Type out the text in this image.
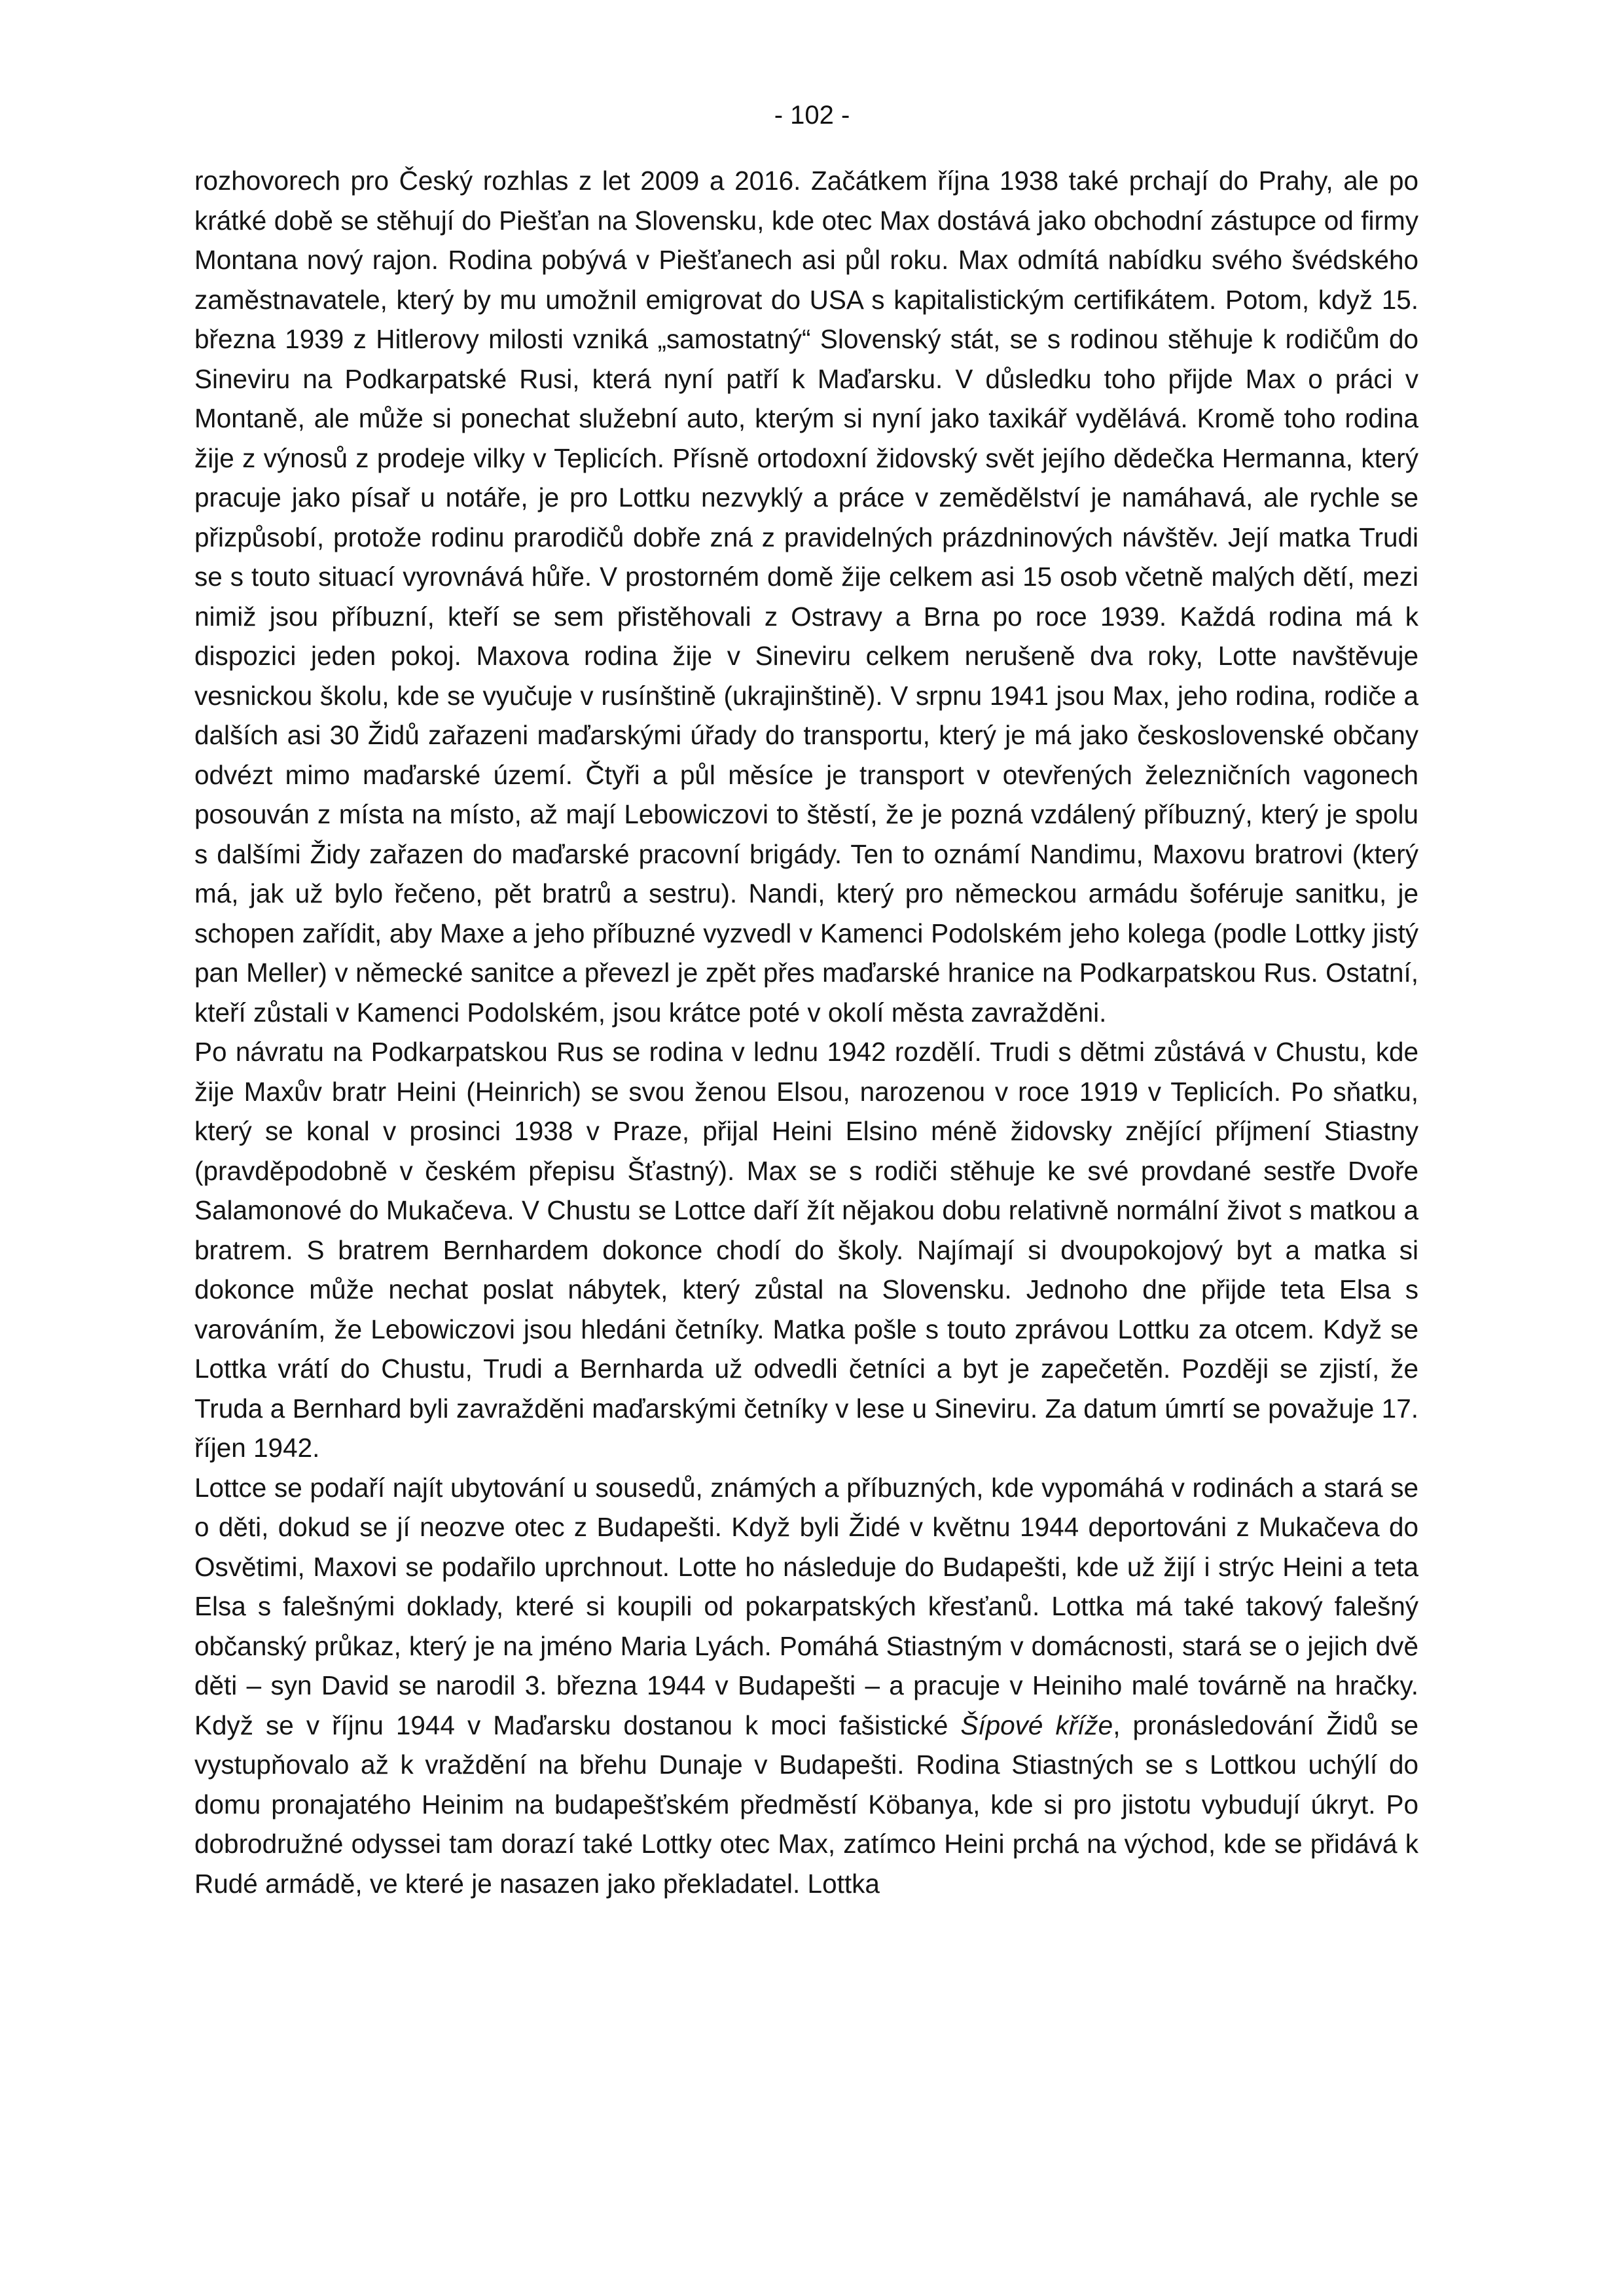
- 102 -

rozhovorech pro Český rozhlas z let 2009 a 2016. Začátkem října 1938 také prchají do Prahy, ale po krátké době se stěhují do Piešťan na Slovensku, kde otec Max dostává jako obchodní zástupce od firmy Montana nový rajon. Rodina pobývá v Piešťanech asi půl roku. Max odmítá nabídku svého švédského zaměstnavatele, který by mu umožnil emigrovat do USA s kapitalistickým certifikátem. Potom, když 15. března 1939 z Hitlerovy milosti vzniká „samostatný“ Slovenský stát, se s rodinou stěhuje k rodičům do Sineviru na Podkarpatské Rusi, která nyní patří k Maďarsku. V důsledku toho přijde Max o práci v Montaně, ale může si ponechat služební auto, kterým si nyní jako taxikář vydělává. Kromě toho rodina žije z výnosů z prodeje vilky v Teplicích. Přísně ortodoxní židovský svět jejího dědečka Hermanna, který pracuje jako písař u notáře, je pro Lottku nezvyklý a práce v zemědělství je namáhavá, ale rychle se přizpůsobí, protože rodinu prarodičů dobře zná z pravidelných prázdninových návštěv. Její matka Trudi se s touto situací vyrovnává hůře. V prostorném domě žije celkem asi 15 osob včetně malých dětí, mezi nimiž jsou příbuzní, kteří se sem přistěhovali z Ostravy a Brna po roce 1939. Každá rodina má k dispozici jeden pokoj. Maxova rodina žije v Sineviru celkem nerušeně dva roky, Lotte navštěvuje vesnickou školu, kde se vyučuje v rusínštině (ukrajinštině). V srpnu 1941 jsou Max, jeho rodina, rodiče a dalších asi 30 Židů zařazeni maďarskými úřady do transportu, který je má jako československé občany odvézt mimo maďarské území. Čtyři a půl měsíce je transport v otevřených železničních vagonech posouván z místa na místo, až mají Lebowiczovi to štěstí, že je pozná vzdálený příbuzný, který je spolu s dalšími Židy zařazen do maďarské pracovní brigády. Ten to oznámí Nandimu, Maxovu bratrovi (který má, jak už bylo řečeno, pět bratrů a sestru). Nandi, který pro německou armádu šoféruje sanitku, je schopen zařídit, aby Maxe a jeho příbuzné vyzvedl v Kamenci Podolském jeho kolega (podle Lottky jistý pan Meller) v německé sanitce a převezl je zpět přes maďarské hranice na Podkarpatskou Rus. Ostatní, kteří zůstali v Kamenci Podolském, jsou krátce poté v okolí města zavražděni.

Po návratu na Podkarpatskou Rus se rodina v lednu 1942 rozdělí. Trudi s dětmi zůstává v Chustu, kde žije Maxův bratr Heini (Heinrich) se svou ženou Elsou, narozenou v roce 1919 v Teplicích. Po sňatku, který se konal v prosinci 1938 v Praze, přijal Heini Elsino méně židovsky znějící příjmení Stiastny (pravděpodobně v českém přepisu Šťastný). Max se s rodiči stěhuje ke své provdané sestře Dvoře Salamonové do Mukačeva. V Chustu se Lottce daří žít nějakou dobu relativně normální život s matkou a bratrem. S bratrem Bernhardem dokonce chodí do školy. Najímají si dvoupokojový byt a matka si dokonce může nechat poslat nábytek, který zůstal na Slovensku. Jednoho dne přijde teta Elsa s varováním, že Lebowiczovi jsou hledáni četníky. Matka pošle s touto zprávou Lottku za otcem. Když se Lottka vrátí do Chustu, Trudi a Bernharda už odvedli četníci a byt je zapečetěn. Později se zjistí, že Truda a Bernhard byli zavražděni maďarskými četníky v lese u Sineviru. Za datum úmrtí se považuje 17. říjen 1942.

Lottce se podaří najít ubytování u sousedů, známých a příbuzných, kde vypomáhá v rodinách a stará se o děti, dokud se jí neozve otec z Budapešti. Když byli Židé v květnu 1944 deportováni z Mukačeva do Osvětimi, Maxovi se podařilo uprchnout. Lotte ho následuje do Budapešti, kde už žijí i strýc Heini a teta Elsa s falešnými doklady, které si koupili od pokarpatských křesťanů. Lottka má také takový falešný občanský průkaz, který je na jméno Maria Lyách. Pomáhá Stiastným v domácnosti, stará se o jejich dvě děti – syn David se narodil 3. března 1944 v Budapešti – a pracuje v Heiniho malé továrně na hračky. Když se v říjnu 1944 v Maďarsku dostanou k moci fašistické Šípové kříže, pronásledování Židů se vystupňovalo až k vraždění na břehu Dunaje v Budapešti. Rodina Stiastných se s Lottkou uchýlí do domu pronajatého Heinim na budapešťském předměstí Köbanya, kde si pro jistotu vybudují úkryt. Po dobrodružné odyssei tam dorazí také Lottky otec Max, zatímco Heini prchá na východ, kde se přidává k Rudé armádě, ve které je nasazen jako překladatel. Lottka
